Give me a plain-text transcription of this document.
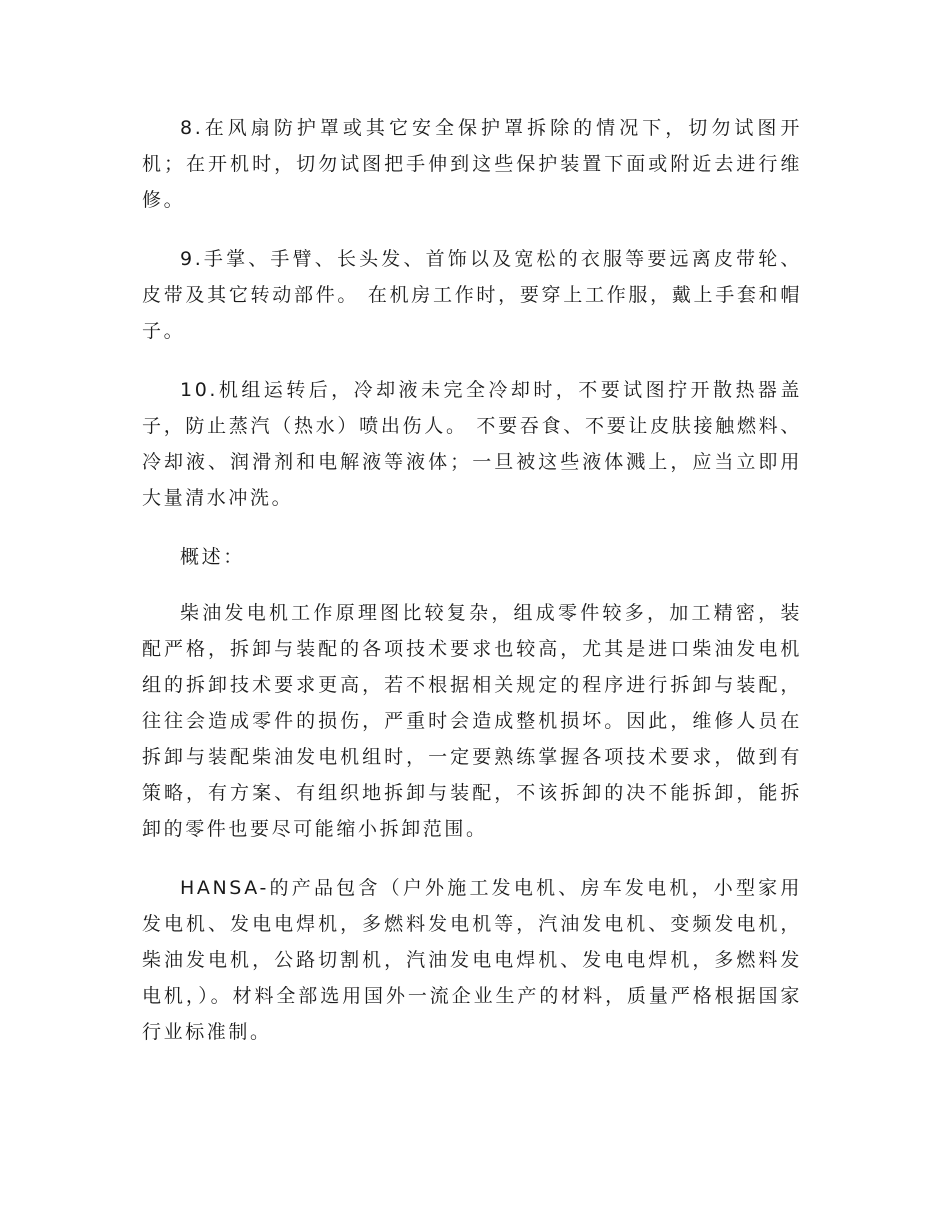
8.在风扇防护罩或其它安全保护罩拆除的情况下，切勿试图开机；在开机时，切勿试图把手伸到这些保护装置下面或附近去进行维修。

9.手掌、手臂、长头发、首饰以及宽松的衣服等要远离皮带轮、皮带及其它转动部件。 在机房工作时，要穿上工作服，戴上手套和帽子。

10.机组运转后，冷却液未完全冷却时，不要试图拧开散热器盖子，防止蒸汽（热水）喷出伤人。 不要吞食、不要让皮肤接触燃料、冷却液、润滑剂和电解液等液体；一旦被这些液体溅上，应当立即用大量清水冲洗。

概述：

柴油发电机工作原理图比较复杂，组成零件较多，加工精密，装配严格，拆卸与装配的各项技术要求也较高，尤其是进口柴油发电机组的拆卸技术要求更高，若不根据相关规定的程序进行拆卸与装配，往往会造成零件的损伤，严重时会造成整机损坏。因此，维修人员在拆卸与装配柴油发电机组时，一定要熟练掌握各项技术要求，做到有策略，有方案、有组织地拆卸与装配，不该拆卸的决不能拆卸，能拆卸的零件也要尽可能缩小拆卸范围。

HANSA-的产品包含（户外施工发电机、房车发电机，小型家用发电机、发电电焊机，多燃料发电机等，汽油发电机、变频发电机，柴油发电机，公路切割机，汽油发电电焊机、发电电焊机，多燃料发电机，）。材料全部选用国外一流企业生产的材料，质量严格根据国家行业标准制。
